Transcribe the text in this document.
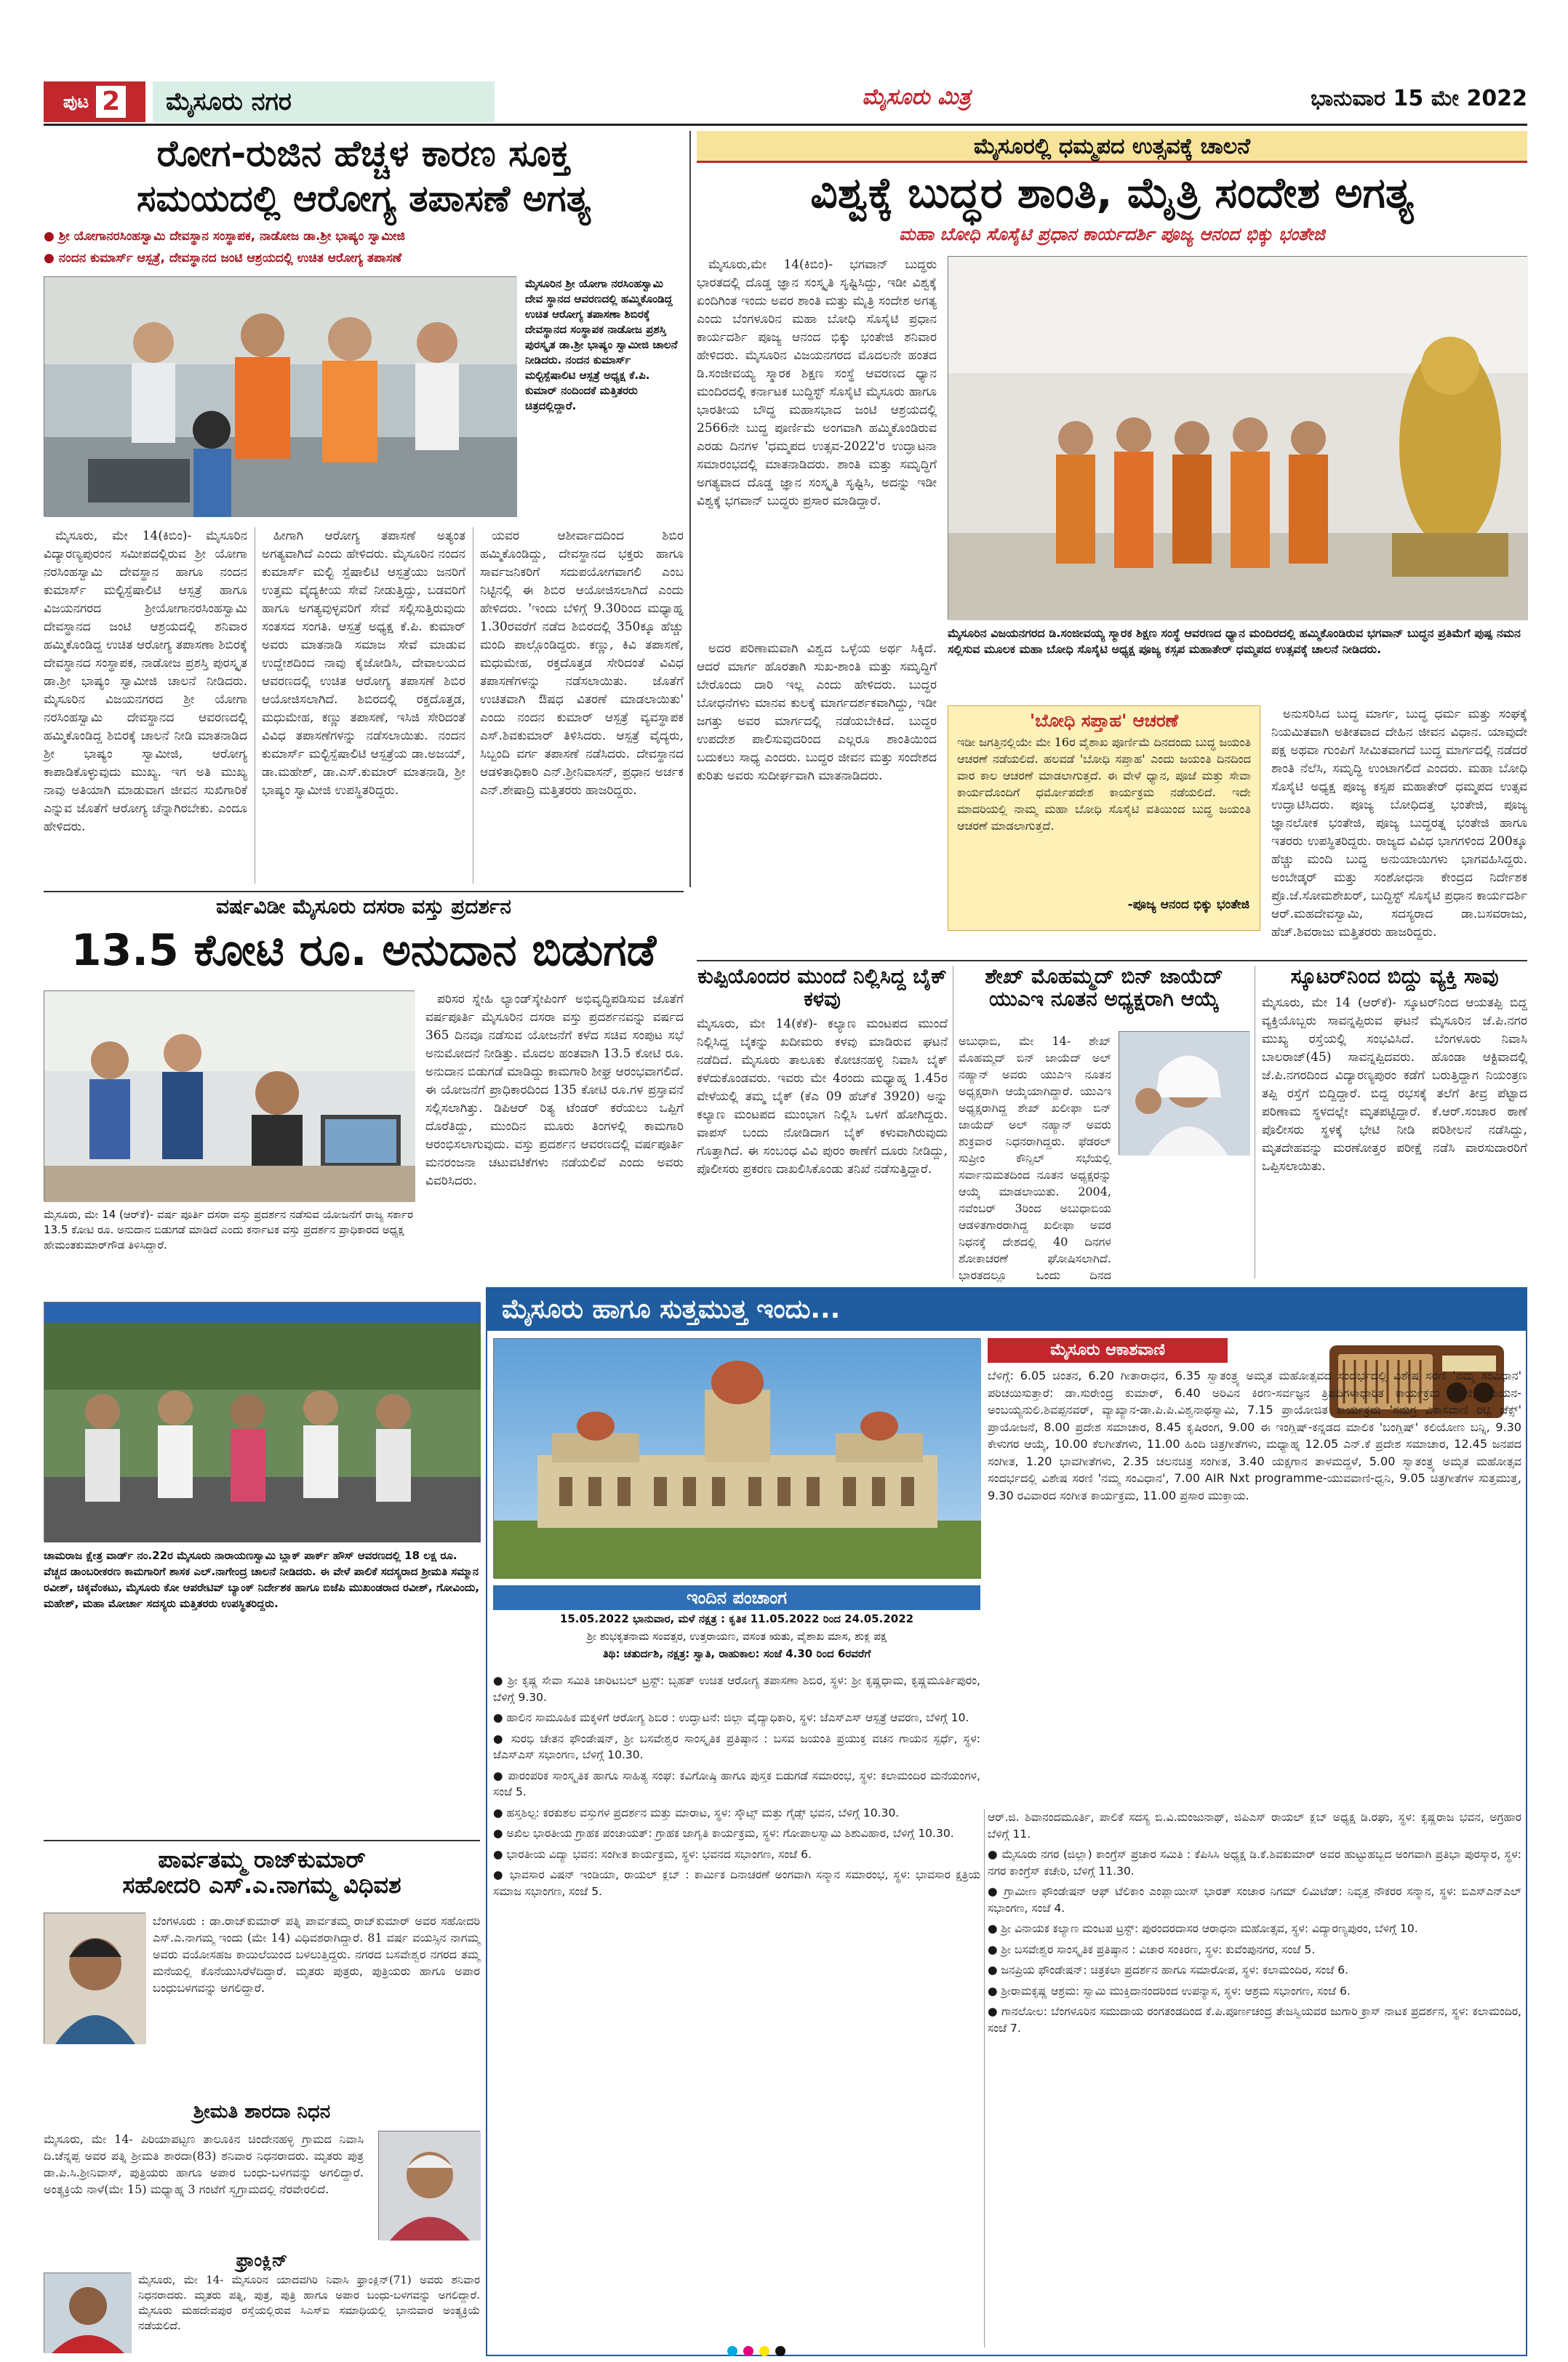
ಪುಟ 2	ಮೈಸೂರು ನಗರ	ಮೈಸೂರು ಮಿತ್ರ	ಭಾನುವಾರ 15 ಮೇ 2022
ರೋಗ-ರುಜಿನ ಹೆಚ್ಚಳ ಕಾರಣ ಸೂಕ್ತ
ಸಮಯದಲ್ಲಿ ಆರೋಗ್ಯ ತಪಾಸಣೆ ಅಗತ್ಯ
● ಶ್ರೀ ಯೋಗಾನರಸಿಂಹಸ್ವಾಮಿ ದೇವಸ್ಥಾನ ಸಂಸ್ಥಾಪಕ, ನಾಡೋಜ ಡಾ.ಶ್ರೀ ಭಾಷ್ಯಂ ಸ್ವಾಮೀಜಿ
● ನಂದನ ಕುಮಾರ್ಸ್ ಆಸ್ಪತ್ರೆ, ದೇವಸ್ಥಾನದ ಜಂಟಿ ಆಶ್ರಯದಲ್ಲಿ ಉಚಿತ ಆರೋಗ್ಯ ತಪಾಸಣೆ
ಮೈಸೂರಿನ ಶ್ರೀ ಯೋಗಾ ನರಸಿಂಹಸ್ವಾಮಿ ದೇವ ಸ್ಥಾನದ ಆವರಣದಲ್ಲಿ ಹಮ್ಮಿಕೊಂಡಿದ್ದ ಉಚಿತ ಆರೋಗ್ಯ ತಪಾಸಣಾ ಶಿಬಿರಕ್ಕೆ ದೇವಸ್ಥಾನದ ಸಂಸ್ಥಾಪಕ ನಾಡೋಜ ಪ್ರಶಸ್ತಿ ಪುರಸ್ಕೃತ ಡಾ.ಶ್ರೀ ಭಾಷ್ಯಂ ಸ್ವಾಮೀಜಿ ಚಾಲನೆ ನೀಡಿದರು. ನಂದನ ಕುಮಾರ್ಸ್ ಮಲ್ಟಿಸ್ಪೆಷಾಲಿಟಿ ಆಸ್ಪತ್ರೆ ಅಧ್ಯಕ್ಷ ಕೆ.ಪಿ. ಕುಮಾರ್ ನಂದಿಂದಕೆ ಮತ್ತಿತರರು ಚಿತ್ರದಲ್ಲಿದ್ದಾರೆ.

ಮೈಸೂರು, ಮೇ 14(ಕಿಬಿಂ)- ಮೈಸೂರಿನ ವಿದ್ಯಾರಣ್ಯಪುರಂನ ಸಮೀಪದಲ್ಲಿರುವ ಶ್ರೀ ಯೋಗಾ ನರಸಿಂಹಸ್ವಾಮಿ ದೇವಸ್ಥಾನ ಹಾಗೂ ನಂದನ ಕುಮಾರ್ಸ್ ಮಲ್ಟಿಸ್ಪೆಷಾಲಿಟಿ ಆಸ್ಪತ್ರೆ ಹಾಗೂ ವಿಜಯನಗರದ ಶ್ರೀಯೋಗಾನರಸಿಂಹಸ್ವಾಮಿ ದೇವಸ್ಥಾನದ ಜಂಟಿ ಆಶ್ರಯದಲ್ಲಿ ಶನಿವಾರ ಹಮ್ಮಿಕೊಂಡಿದ್ದ ಉಚಿತ ಆರೋಗ್ಯ ತಪಾಸಣಾ ಶಿಬಿರಕ್ಕೆ ದೇವಸ್ಥಾನದ ಸಂಸ್ಥಾಪಕ, ನಾಡೋಜ ಪ್ರಶಸ್ತಿ ಪುರಸ್ಕೃತ ಡಾ.ಶ್ರೀ ಭಾಷ್ಯಂ ಸ್ವಾಮೀಜಿ ಚಾಲನೆ ನೀಡಿದರು. ಮೈಸೂರಿನ ವಿಜಯನಗರದ ಶ್ರೀ ಯೋಗಾ ನರಸಿಂಹಸ್ವಾಮಿ ದೇವಸ್ಥಾನದ ಆವರಣದಲ್ಲಿ ಹಮ್ಮಿಕೊಂಡಿದ್ದ ಶಿಬಿರಕ್ಕೆ ಚಾಲನೆ ನೀಡಿ ಮಾತನಾಡಿದ ಶ್ರೀ ಭಾಷ್ಯಂ ಸ್ವಾಮೀಜಿ, ಆರೋಗ್ಯ ಕಾಪಾಡಿಕೊಳ್ಳುವುದು ಮುಖ್ಯ. ಇಗ ಅತಿ ಮುಖ್ಯ ನಾವು ಅತಿಯಾಗಿ ಮಾಡುವಾಗ ಜೀವನ ಸುಖಿಗಾರಿಕೆ ಎನ್ನುವ ಜೊತೆಗೆ ಆರೋಗ್ಯ ಚೆನ್ನಾಗಿರಬೇಕು. ಎಂದೂ ಹೇಳಿದರು.

ಹೀಗಾಗಿ ಆರೋಗ್ಯ ತಪಾಸಣೆ ಅತ್ಯಂತ ಅಗತ್ಯವಾಗಿದೆ ಎಂದು ಹೇಳಿದರು. ಮೈಸೂರಿನ ನಂದನ ಕುಮಾರ್ಸ್ ಮಲ್ಟಿ ಸ್ಪೆಷಾಲಿಟಿ ಆಸ್ಪತ್ರೆಯು ಜನರಿಗೆ ಉತ್ತಮ ವೈದ್ಯಕೀಯ ಸೇವೆ ನೀಡುತ್ತಿದ್ದು, ಬಡವರಿಗೆ ಹಾಗೂ ಅಗತ್ಯವುಳ್ಳವರಿಗೆ ಸೇವೆ ಸಲ್ಲಿಸುತ್ತಿರುವುದು ಸಂತಸದ ಸಂಗತಿ. ಆಸ್ಪತ್ರೆ ಅಧ್ಯಕ್ಷ ಕೆ.ಪಿ. ಕುಮಾರ್ ಅವರು ಮಾತನಾಡಿ ಸಮಾಜ ಸೇವೆ ಮಾಡುವ ಉದ್ದೇಶದಿಂದ ನಾವು ಕೈಜೋಡಿಸಿ, ದೇವಾಲಯದ ಆವರಣದಲ್ಲಿ ಉಚಿತ ಆರೋಗ್ಯ ತಪಾಸಣೆ ಶಿಬಿರ ಆಯೋಜಿಸಲಾಗಿದೆ. ಶಿಬಿರದಲ್ಲಿ ರಕ್ತದೊತ್ತಡ, ಮಧುಮೇಹ, ಕಣ್ಣು ತಪಾಸಣೆ, ಇಸಿಜಿ ಸೇರಿದಂತೆ ವಿವಿಧ ತಪಾಸಣೆಗಳನ್ನು ನಡೆಸಲಾಯಿತು. ನಂದನ ಕುಮಾರ್ಸ್ ಮಲ್ಟಿಸ್ಪೆಷಾಲಿಟಿ ಆಸ್ಪತ್ರೆಯ ಡಾ.ಅಜಯ್, ಡಾ.ಮಹೇಶ್, ಡಾ.ಎಸ್.ಕುಮಾರ್ ಮಾತನಾಡಿ, ಶ್ರೀ ಭಾಷ್ಯಂ ಸ್ವಾಮೀಜಿ ಉಪಸ್ಥಿತರಿದ್ದರು.

ಯವರ ಆಶೀರ್ವಾದದಿಂದ ಶಿಬಿರ ಹಮ್ಮಿಕೊಂಡಿದ್ದು, ದೇವಸ್ಥಾನದ ಭಕ್ತರು ಹಾಗೂ ಸಾರ್ವಜನಿಕರಿಗೆ ಸದುಪಯೋಗವಾಗಲಿ ಎಂಬ ನಿಟ್ಟಿನಲ್ಲಿ ಈ ಶಿಬಿರ ಆಯೋಜಿಸಲಾಗಿದೆ ಎಂದು ಹೇಳಿದರು. 'ಇಂದು ಬೆಳಿಗ್ಗೆ 9.30ರಿಂದ ಮಧ್ಯಾಹ್ನ 1.30ರವರೆಗೆ ನಡೆದ ಶಿಬಿರದಲ್ಲಿ 350ಕ್ಕೂ ಹೆಚ್ಚು ಮಂದಿ ಪಾಲ್ಗೊಂಡಿದ್ದರು. ಕಣ್ಣು, ಕಿವಿ ತಪಾಸಣೆ, ಮಧುಮೇಹ, ರಕ್ತದೊತ್ತಡ ಸೇರಿದಂತೆ ವಿವಿಧ ತಪಾಸಣೆಗಳನ್ನು ನಡೆಸಲಾಯಿತು. ಜೊತೆಗೆ ಉಚಿತವಾಗಿ ಔಷಧ ವಿತರಣೆ ಮಾಡಲಾಯಿತು' ಎಂದು ನಂದನ ಕುಮಾರ್ ಆಸ್ಪತ್ರೆ ವ್ಯವಸ್ಥಾಪಕ ಎಸ್.ಶಿವಕುಮಾರ್ ತಿಳಿಸಿದರು. ಆಸ್ಪತ್ರೆ ವೈದ್ಯರು, ಸಿಬ್ಬಂದಿ ವರ್ಗ ತಪಾಸಣೆ ನಡೆಸಿದರು. ದೇವಸ್ಥಾನದ ಆಡಳಿತಾಧಿಕಾರಿ ಎನ್.ಶ್ರೀನಿವಾಸನ್, ಪ್ರಧಾನ ಅರ್ಚಕ ಎನ್.ಶೇಷಾದ್ರಿ ಮತ್ತಿತರರು ಹಾಜರಿದ್ದರು.

ಮೈಸೂರಲ್ಲಿ ಧಮ್ಮಪದ ಉತ್ಸವಕ್ಕೆ ಚಾಲನೆ
ವಿಶ್ವಕ್ಕೆ ಬುದ್ಧರ ಶಾಂತಿ, ಮೈತ್ರಿ ಸಂದೇಶ ಅಗತ್ಯ
ಮಹಾ ಬೋಧಿ ಸೊಸೈಟಿ ಪ್ರಧಾನ ಕಾರ್ಯದರ್ಶಿ ಪೂಜ್ಯ ಆನಂದ ಭಿಕ್ಕು ಭಂತೇಜಿ

ಮೈಸೂರು,ಮೇ 14(ಕಿಬಿಂ)- ಭಗವಾನ್ ಬುದ್ಧರು ಭಾರತದಲ್ಲಿ ದೊಡ್ಡ ಜ್ಞಾನ ಸಂಸ್ಕೃತಿ ಸೃಷ್ಟಿಸಿದ್ದು, ಇಡೀ ವಿಶ್ವಕ್ಕೆ ಏಂದಿಗಿಂತ ಇಂದು ಅವರ ಶಾಂತಿ ಮತ್ತು ಮೈತ್ರಿ ಸಂದೇಶ ಅಗತ್ಯ ಎಂದು ಬೆಂಗಳೂರಿನ ಮಹಾ ಬೋಧಿ ಸೊಸೈಟಿ ಪ್ರಧಾನ ಕಾರ್ಯದರ್ಶಿ ಪೂಜ್ಯ ಆನಂದ ಭಿಕ್ಕು ಭಂತೇಜಿ ಶನಿವಾರ ಹೇಳಿದರು. ಮೈಸೂರಿನ ವಿಜಯನಗರದ ಮೊದಲನೇ ಹಂತದ ಡಿ.ಸಂಜೀವಯ್ಯ ಸ್ಮಾರಕ ಶಿಕ್ಷಣ ಸಂಸ್ಥೆ ಆವರಣದ ಧ್ಯಾನ ಮಂದಿರದಲ್ಲಿ ಕರ್ನಾಟಕ ಬುದ್ಧಿಸ್ಟ್ ಸೊಸೈಟಿ ಮೈಸೂರು ಹಾಗೂ ಭಾರತೀಯ ಬೌದ್ಧ ಮಹಾಸಭಾದ ಜಂಟಿ ಆಶ್ರಯದಲ್ಲಿ 2566ನೇ ಬುದ್ಧ ಪೂರ್ಣಿಮೆ ಅಂಗವಾಗಿ ಹಮ್ಮಿಕೊಂಡಿರುವ ಎರಡು ದಿನಗಳ 'ಧಮ್ಮಪದ ಉತ್ಸವ-2022'ರ ಉದ್ಘಾಟನಾ ಸಮಾರಂಭದಲ್ಲಿ ಮಾತನಾಡಿದರು. ಶಾಂತಿ ಮತ್ತು ಸಮೃದ್ಧಿಗೆ ಅಗತ್ಯವಾದ ದೊಡ್ಡ ಜ್ಞಾನ ಸಂಸ್ಕೃತಿ ಸೃಷ್ಟಿಸಿ, ಅದನ್ನು ಇಡೀ ವಿಶ್ವಕ್ಕೆ ಭಗವಾನ್ ಬುದ್ಧರು ಪ್ರಸಾರ ಮಾಡಿದ್ದಾರೆ.

ಮೈಸೂರಿನ ವಿಜಯನಗರದ ಡಿ.ಸಂಜೀವಯ್ಯ ಸ್ಮಾರಕ ಶಿಕ್ಷಣ ಸಂಸ್ಥೆ ಆವರಣದ ಧ್ಯಾನ ಮಂದಿರದಲ್ಲಿ ಹಮ್ಮಿಕೊಂಡಿರುವ ಭಗವಾನ್ ಬುದ್ಧನ ಪ್ರತಿಮೆಗೆ ಪುಷ್ಪ ನಮನ ಸಲ್ಲಿಸುವ ಮೂಲಕ ಮಹಾ ಬೋಧಿ ಸೊಸೈಟಿ ಅಧ್ಯಕ್ಷ ಪೂಜ್ಯ ಕಸ್ಸಪ ಮಹಾತೇರ್ ಧಮ್ಮಪದ ಉತ್ಸವಕ್ಕೆ ಚಾಲನೆ ನೀಡಿದರು.
'ಬೋಧಿ ಸಪ್ತಾಹ' ಆಚರಣೆ
ಇಡೀ ಜಗತ್ತಿನಲ್ಲಿಯೇ ಮೇ 16ರ ವೈಶಾಖ ಪೂರ್ಣಿಮೆ ದಿನದಂದು ಬುದ್ಧ ಜಯಂತಿ ಆಚರಣೆ ನಡೆಯಲಿದೆ. ಹಲವಡೆ 'ಬೋಧಿ ಸಪ್ತಾಹ' ಎಂದು ಜಯಂತಿ ದಿನದಿಂದ ವಾರ ಕಾಲ ಆಚರಣೆ ಮಾಡಲಾಗುತ್ತದೆ. ಈ ವೇಳೆ ಧ್ಯಾನ, ಪೂಜೆ ಮತ್ತು ಸೇವಾ ಕಾರ್ಯದೊಂದಿಗೆ ಧರ್ಮೋಪದೇಶ ಕಾರ್ಯಕ್ರಮ ನಡೆಯಲಿದೆ. ಇದೇ ಮಾದರಿಯಲ್ಲಿ ನಾಮ್ಮ ಮಹಾ ಬೋಧಿ ಸೊಸೈಟಿ ವತಿಯಿಂದ ಬುದ್ಧ ಜಯಂತಿ ಆಚರಣೆ ಮಾಡಲಾಗುತ್ತದೆ.
-ಪೂಜ್ಯ ಆನಂದ ಭಿಕ್ಕು ಭಂತೇಜಿ

ಅದರ ಪರಿಣಾಮವಾಗಿ ವಿಶ್ವದ ಒಳ್ಳೆಯ ಅರ್ಥ ಸಿಕ್ಕಿದೆ. ಆದರೆ ಮಾರ್ಗ ಹೊರತಾಗಿ ಸುಖ-ಶಾಂತಿ ಮತ್ತು ಸಮೃದ್ಧಿಗೆ ಬೇರೊಂದು ದಾರಿ ಇಲ್ಲ ಎಂದು ಹೇಳಿದರು. ಬುದ್ಧರ ಬೋಧನೆಗಳು ಮಾನವ ಕುಲಕ್ಕೆ ಮಾರ್ಗದರ್ಶಕವಾಗಿದ್ದು, ಇಡೀ ಜಗತ್ತು ಅವರ ಮಾರ್ಗದಲ್ಲಿ ನಡೆಯಬೇಕಿದೆ. ಬುದ್ಧರ ಉಪದೇಶ ಪಾಲಿಸುವುದರಿಂದ ಎಲ್ಲರೂ ಶಾಂತಿಯಿಂದ ಬದುಕಲು ಸಾಧ್ಯ ಎಂದರು. ಬುದ್ಧರ ಜೀವನ ಮತ್ತು ಸಂದೇಶದ ಕುರಿತು ಅವರು ಸುದೀರ್ಘವಾಗಿ ಮಾತನಾಡಿದರು.

ಅನುಸರಿಸಿದ ಬುದ್ಧ ಮಾರ್ಗ, ಬುದ್ಧ ಧರ್ಮ ಮತ್ತು ಸಂಘಕ್ಕೆ ನಿಯಮಿತವಾಗಿ ಅತೀತವಾದ ದೇಹಿನ ಜೀವನ ವಿಧಾನ. ಯಾವುದೇ ಪಕ್ಷ ಅಥವಾ ಗುಂಪಿಗೆ ಸೀಮಿತವಾಗದೆ ಬುದ್ಧ ಮಾರ್ಗದಲ್ಲಿ ನಡೆದರೆ ಶಾಂತಿ ನೆಲೆಸಿ, ಸಮೃದ್ಧಿ ಉಂಟಾಗಲಿದೆ ಎಂದರು. ಮಹಾ ಬೋಧಿ ಸೊಸೈಟಿ ಅಧ್ಯಕ್ಷ ಪೂಜ್ಯ ಕಸ್ಸಪ ಮಹಾತೇರ್ ಧಮ್ಮಪದ ಉತ್ಸವ ಉದ್ಘಾಟಿಸಿದರು. ಪೂಜ್ಯ ಬೋಧಿದತ್ತ ಭಂತೇಜಿ, ಪೂಜ್ಯ ಜ್ಞಾನಲೋಕ ಭಂತೇಜಿ, ಪೂಜ್ಯ ಬುದ್ಧರತ್ನ ಭಂತೇಜಿ ಹಾಗೂ ಇತರರು ಉಪಸ್ಥಿತರಿದ್ದರು. ರಾಜ್ಯದ ವಿವಿಧ ಭಾಗಗಳಿಂದ 200ಕ್ಕೂ ಹೆಚ್ಚು ಮಂದಿ ಬುದ್ಧ ಅನುಯಾಯಿಗಳು ಭಾಗವಹಿಸಿದ್ದರು. ಅಂಬೇಡ್ಕರ್ ಮತ್ತು ಸಂಶೋಧನಾ ಕೇಂದ್ರದ ನಿರ್ದೇಶಕ ಪ್ರೊ.ಜೆ.ಸೋಮಶೇಖರ್, ಬುದ್ಧಿಸ್ಟ್ ಸೊಸೈಟಿ ಪ್ರಧಾನ ಕಾರ್ಯದರ್ಶಿ ಆರ್.ಮಹದೇವಸ್ವಾಮಿ, ಸದಸ್ಯರಾದ ಡಾ.ಬಸವರಾಜು, ಹೆಚ್.ಶಿವರಾಜು ಮತ್ತಿತರರು ಹಾಜರಿದ್ದರು.

ವರ್ಷವಿಡೀ ಮೈಸೂರು ದಸರಾ ವಸ್ತು ಪ್ರದರ್ಶನ
13.5 ಕೋಟಿ ರೂ. ಅನುದಾನ ಬಿಡುಗಡೆ
ಮೈಸೂರು, ಮೇ 14 (ಆರ್‌ಕೆ)- ವರ್ಷ ಪೂರ್ತಿ ದಸರಾ ವಸ್ತು ಪ್ರದರ್ಶನ ನಡೆಸುವ ಯೋಜನೆಗೆ ರಾಜ್ಯ ಸರ್ಕಾರ 13.5 ಕೋಟಿ ರೂ. ಅನುದಾನ ಬಿಡುಗಡೆ ಮಾಡಿದೆ ಎಂದು ಕರ್ನಾಟಕ ವಸ್ತು ಪ್ರದರ್ಶನ ಪ್ರಾಧಿಕಾರದ ಅಧ್ಯಕ್ಷ ಹೇಮಂತಕುಮಾರ್‌ಗೌಡ ತಿಳಿಸಿದ್ದಾರೆ.

ಪರಿಸರ ಸ್ನೇಹಿ ಲ್ಯಾಂಡ್‌ಸ್ಕೇಪಿಂಗ್ ಅಭಿವೃದ್ಧಿಪಡಿಸುವ ಜೊತೆಗೆ ವರ್ಷಪೂರ್ತಿ ಮೈಸೂರಿನ ದಸರಾ ವಸ್ತು ಪ್ರದರ್ಶನವನ್ನು ವರ್ಷದ 365 ದಿನವೂ ನಡೆಸುವ ಯೋಜನೆಗೆ ಕಳೆದ ಸಚಿವ ಸಂಪುಟ ಸಭೆ ಅನುಮೋದನೆ ನೀಡಿತ್ತು. ಮೊದಲ ಹಂತವಾಗಿ 13.5 ಕೋಟಿ ರೂ. ಅನುದಾನ ಬಿಡುಗಡೆ ಮಾಡಿದ್ದು ಕಾಮಗಾರಿ ಶೀಘ್ರ ಆರಂಭವಾಗಲಿದೆ. ಈ ಯೋಜನೆಗೆ ಪ್ರಾಧಿಕಾರದಿಂದ 135 ಕೋಟಿ ರೂ.ಗಳ ಪ್ರಸ್ತಾವನೆ ಸಲ್ಲಿಸಲಾಗಿತ್ತು. ಡಿಪಿಆರ್ ರಿತ್ಯ ಟೆಂಡರ್ ಕರೆಯಲು ಒಪ್ಪಿಗೆ ದೊರೆತಿದ್ದು, ಮುಂದಿನ ಮೂರು ತಿಂಗಳಲ್ಲಿ ಕಾಮಗಾರಿ ಆರಂಭಿಸಲಾಗುವುದು. ವಸ್ತು ಪ್ರದರ್ಶನ ಆವರಣದಲ್ಲಿ ವರ್ಷಪೂರ್ತಿ ಮನರಂಜನಾ ಚಟುವಟಿಕೆಗಳು ನಡೆಯಲಿವೆ ಎಂದು ಅವರು ವಿವರಿಸಿದರು.

ಕುಪ್ಪಿಯೊಂದರ ಮುಂದೆ ನಿಲ್ಲಿಸಿದ್ದ ಬೈಕ್ ಕಳವು
ಮೈಸೂರು, ಮೇ 14(ಕೆಕೆ)- ಕಲ್ಯಾಣ ಮಂಟಪದ ಮುಂದೆ ನಿಲ್ಲಿಸಿದ್ದ ಬೈಕನ್ನು ಖದೀಮರು ಕಳವು ಮಾಡಿರುವ ಘಟನೆ ನಡೆದಿದೆ. ಮೈಸೂರು ತಾಲೂಕು ಕೋಚನಹಳ್ಳಿ ನಿವಾಸಿ ಬೈಕ್ ಕಳೆದುಕೊಂಡವರು. ಇವರು ಮೇ 4ರಂದು ಮಧ್ಯಾಹ್ನ 1.45ರ ವೇಳೆಯಲ್ಲಿ ತಮ್ಮ ಬೈಕ್ (ಕೆಎ 09 ಹೆಚ್‌ಕೆ 3920) ಅನ್ನು ಕಲ್ಯಾಣ ಮಂಟಪದ ಮುಂಭಾಗ ನಿಲ್ಲಿಸಿ ಒಳಗೆ ಹೋಗಿದ್ದರು. ವಾಪಸ್ ಬಂದು ನೋಡಿದಾಗ ಬೈಕ್ ಕಳುವಾಗಿರುವುದು ಗೊತ್ತಾಗಿದೆ. ಈ ಸಂಬಂಧ ವಿವಿ ಪುರಂ ಠಾಣೆಗೆ ದೂರು ನೀಡಿದ್ದು, ಪೊಲೀಸರು ಪ್ರಕರಣ ದಾಖಲಿಸಿಕೊಂಡು ತನಿಖೆ ನಡೆಸುತ್ತಿದ್ದಾರೆ.
ಶೇಖ್ ಮೊಹಮ್ಮದ್ ಬಿನ್ ಜಾಯೆದ್ ಯುಎಇ ನೂತನ ಅಧ್ಯಕ್ಷರಾಗಿ ಆಯ್ಕೆ
ಅಬುಧಾಬಿ, ಮೇ 14- ಶೇಖ್ ಮೊಹಮ್ಮದ್ ಬಿನ್ ಜಾಯೆದ್ ಅಲ್ ನಹ್ಯಾನ್ ಅವರು ಯುಎಇ ನೂತನ ಅಧ್ಯಕ್ಷರಾಗಿ ಆಯ್ಕೆಯಾಗಿದ್ದಾರೆ. ಯುಎಇ ಅಧ್ಯಕ್ಷರಾಗಿದ್ದ ಶೇಖ್ ಖಲೀಫಾ ಬಿನ್ ಜಾಯೆದ್ ಅಲ್ ನಹ್ಯಾನ್ ಅವರು ಶುಕ್ರವಾರ ನಿಧನರಾಗಿದ್ದರು. ಫೆಡರಲ್ ಸುಪ್ರೀಂ ಕೌನ್ಸಿಲ್ ಸಭೆಯಲ್ಲಿ ಸರ್ವಾನುಮತದಿಂದ ನೂತನ ಅಧ್ಯಕ್ಷರನ್ನು ಆಯ್ಕೆ ಮಾಡಲಾಯಿತು. 2004, ನವೆಂಬರ್ 3ರಿಂದ ಅಬುಧಾಬಿಯ ಆಡಳಿತಗಾರರಾಗಿದ್ದ ಖಲೀಫಾ ಅವರ ನಿಧನಕ್ಕೆ ದೇಶದಲ್ಲಿ 40 ದಿನಗಳ ಶೋಕಾಚರಣೆ ಘೋಷಿಸಲಾಗಿದೆ. ಭಾರತದಲ್ಲೂ ಒಂದು ದಿನದ
ಸ್ಕೂಟರ್‌ನಿಂದ ಬಿದ್ದು ವ್ಯಕ್ತಿ ಸಾವು
ಮೈಸೂರು, ಮೇ 14 (ಆರ್‌ಕೆ)- ಸ್ಕೂಟರ್‌ನಿಂದ ಆಯತಪ್ಪಿ ಬಿದ್ದ ವ್ಯಕ್ತಿಯೊಬ್ಬರು ಸಾವನ್ನಪ್ಪಿರುವ ಘಟನೆ ಮೈಸೂರಿನ ಜೆ.ಪಿ.ನಗರ ಮುಖ್ಯ ರಸ್ತೆಯಲ್ಲಿ ಸಂಭವಿಸಿದೆ. ಬೆಂಗಳೂರು ನಿವಾಸಿ ಬಾಲರಾಜ್(45) ಸಾವನ್ನಪ್ಪಿದವರು. ಹೊಂಡಾ ಆಕ್ಟಿವಾದಲ್ಲಿ ಜೆ.ಪಿ.ನಗರದಿಂದ ವಿದ್ಯಾರಣ್ಯಪುರಂ ಕಡೆಗೆ ಬರುತ್ತಿದ್ದಾಗ ನಿಯಂತ್ರಣ ತಪ್ಪಿ ರಸ್ತೆಗೆ ಬಿದ್ದಿದ್ದಾರೆ. ಬಿದ್ದ ರಭಸಕ್ಕೆ ತಲೆಗೆ ತೀವ್ರ ಪೆಟ್ಟಾದ ಪರಿಣಾಮ ಸ್ಥಳದಲ್ಲೇ ಮೃತಪಟ್ಟಿದ್ದಾರೆ. ಕೆ.ಆರ್.ಸಂಚಾರ ಠಾಣೆ ಪೊಲೀಸರು ಸ್ಥಳಕ್ಕೆ ಭೇಟಿ ನೀಡಿ ಪರಿಶೀಲನೆ ನಡೆಸಿದ್ದು, ಮೃತದೇಹವನ್ನು ಮರಣೋತ್ತರ ಪರೀಕ್ಷೆ ನಡೆಸಿ ವಾರಸುದಾರರಿಗೆ ಒಪ್ಪಿಸಲಾಯಿತು.
ಚಾಮರಾಜ ಕ್ಷೇತ್ರ ವಾರ್ಡ್ ನಂ.22ರ ಮೈಸೂರು ನಾರಾಯಣಸ್ವಾಮಿ ಬ್ಲಾಕ್ ಪಾರ್ಕ್ ಹೌಸ್ ಆವರಣದಲ್ಲಿ 18 ಲಕ್ಷ ರೂ. ವೆಚ್ಚದ ಡಾಂಬರೀಕರಣ ಕಾಮಗಾರಿಗೆ ಶಾಸಕ ಎಲ್.ನಾಗೇಂದ್ರ ಚಾಲನೆ ನೀಡಿದರು. ಈ ವೇಳೆ ಪಾಲಿಕೆ ಸದಸ್ಯರಾದ ಶ್ರೀಮತಿ ಸಮ್ಮಾನ ರವೀಶ್, ಚಿಕ್ಕವೆಂಕಟು, ಮೈಸೂರು ಕೋ ಆಪರೇಟಿವ್ ಬ್ಯಾಂಕ್ ನಿರ್ದೇಶಕ ಹಾಗೂ ಬಿಜೆಪಿ ಮುಖಂಡರಾದ ರವೀಶ್, ಗೋವಿಂದು, ಮಹೇಶ್, ಮಹಾ ಮೋರ್ಚಾ ಸದಸ್ಯರು ಮತ್ತಿತರರು ಉಪಸ್ಥಿತರಿದ್ದರು.
ಪಾರ್ವತಮ್ಮ ರಾಜ್‌ಕುಮಾರ್
ಸಹೋದರಿ ಎಸ್.ಎ.ನಾಗಮ್ಮ ವಿಧಿವಶ
ಬೆಂಗಳೂರು : ಡಾ.ರಾಜ್‌ಕುಮಾರ್ ಪತ್ನಿ ಪಾರ್ವತಮ್ಮ ರಾಜ್‌ಕುಮಾರ್ ಅವರ ಸಹೋದರಿ ಎಸ್.ಎ.ನಾಗಮ್ಮ ಇಂದು (ಮೇ 14) ವಿಧಿವಶರಾಗಿದ್ದಾರೆ. 81 ವರ್ಷ ವಯಸ್ಸಿನ ನಾಗಮ್ಮ ಅವರು ವಯೋಸಹಜ ಕಾಯಿಲೆಯಿಂದ ಬಳಲುತ್ತಿದ್ದರು. ನಗರದ ಬಸವೇಶ್ವರ ನಗರದ ತಮ್ಮ ಮನೆಯಲ್ಲಿ ಕೊನೆಯುಸಿರೆಳೆದಿದ್ದಾರೆ. ಮೃತರು ಪುತ್ರರು, ಪುತ್ರಿಯರು ಹಾಗೂ ಅಪಾರ ಬಂಧುಬಳಗವನ್ನು ಅಗಲಿದ್ದಾರೆ.
ಶ್ರೀಮತಿ ಶಾರದಾ ನಿಧನ
ಮೈಸೂರು, ಮೇ 14- ಪಿರಿಯಾಪಟ್ಟಣ ತಾಲೂಕಿನ ಚಿಂದೇನಹಳ್ಳಿ ಗ್ರಾಮದ ನಿವಾಸಿ ದಿ.ಚೆನ್ನಪ್ಪ ಅವರ ಪತ್ನಿ ಶ್ರೀಮತಿ ಶಾರದಾ(83) ಶನಿವಾರ ನಿಧನರಾದರು. ಮೃತರು ಪುತ್ರ ಡಾ.ಪಿ.ಸಿ.ಶ್ರೀನಿವಾಸ್, ಪುತ್ರಿಯರು ಹಾಗೂ ಅಪಾರ ಬಂಧು-ಬಳಗವನ್ನು ಅಗಲಿದ್ದಾರೆ. ಅಂತ್ಯಕ್ರಿಯೆ ನಾಳೆ(ಮೇ 15) ಮಧ್ಯಾಹ್ನ 3 ಗಂಟೆಗೆ ಸ್ವಗ್ರಾಮದಲ್ಲಿ ನೆರವೇರಲಿದೆ.
ಫ್ರಾಂಕ್ಲಿನ್
ಮೈಸೂರು, ಮೇ 14- ಮೈಸೂರಿನ ಯಾದವಗಿರಿ ನಿವಾಸಿ ಫ್ರಾಂಕ್ಲಿನ್(71) ಅವರು ಶನಿವಾರ ನಿಧನರಾದರು. ಮೃತರು ಪತ್ನಿ, ಪುತ್ರ, ಪುತ್ರಿ ಹಾಗೂ ಅಪಾರ ಬಂಧು-ಬಳಗವನ್ನು ಅಗಲಿದ್ದಾರೆ. ಮೈಸೂರು ಮಹದೇವಪುರ ರಸ್ತೆಯಲ್ಲಿರುವ ಸಿಎಸ್ಐ ಸಮಾಧಿಯಲ್ಲಿ ಭಾನುವಾರ ಅಂತ್ಯಕ್ರಿಯೆ ನಡೆಯಲಿದೆ.
ಮೈಸೂರು ಹಾಗೂ ಸುತ್ತಮುತ್ತ ಇಂದು...
ಇಂದಿನ ಪಂಚಾಂಗ
15.05.2022 ಭಾನುವಾರ, ಮಳೆ ನಕ್ಷತ್ರ : ಕೃತಿಕ 11.05.2022 ರಿಂದ 24.05.2022
ಶ್ರೀ ಶುಭಕೃತನಾಮ ಸಂವತ್ಸರ, ಉತ್ತರಾಯಣ, ವಸಂತ ಋತು, ವೈಶಾಖ ಮಾಸ, ಶುಕ್ಲ ಪಕ್ಷ
ತಿಥಿ: ಚತುರ್ದಶಿ, ನಕ್ಷತ್ರ: ಸ್ವಾತಿ, ರಾಹುಕಾಲ: ಸಂಜೆ 4.30 ರಿಂದ 6ರವರೆಗೆ
ಮೈಸೂರು ಆಕಾಶವಾಣಿ
ಬೆಳಿಗ್ಗೆ: 6.05 ಚಿಂತನ, 6.20 ಗೀತಾರಾಧನ, 6.35 ಸ್ವಾತಂತ್ರ್ಯ ಅಮೃತ ಮಹೋತ್ಸವದ ಸಂದರ್ಭದಲ್ಲಿ ವಿಶೇಷ ಸರಣಿ 'ನಮ್ಮ ಸಂವಿಧಾನ' ಪರಿಚಯಿಸುತ್ತಾರೆ: ಡಾ.ಸುರೇಂದ್ರ ಕುಮಾರ್, 6.40 ಅರಿವಿನ ಕಿರಣ-ಸರ್ವಜ್ಞನ ತ್ರಿಪದಿಗಳಾಧಾರಿತ ಕಾರ್ಯಕ್ರಮ ಸರಣಿ, ಗಾಯನ-ಅಂಬಯ್ಯನುಲಿ.ಶಿವಪ್ಪನವರ್, ವ್ಯಾಖ್ಯಾನ-ಡಾ.ಪಿ.ಪಿ.ವಿಶ್ವನಾಥಸ್ವಾಮಿ, 7.15 ಪ್ರಾಯೋಜಿತ ಕಾರ್ಯಕ್ರಮ 'ಸಮಗ್ರ ವಿಕಾಸವಾಣಿ ರಿಟ್ಟಿ ಚೆಕ್ಸ್' ಪ್ರಾಯೋಜನೆ, 8.00 ಪ್ರದೇಶ ಸಮಾಚಾರ, 8.45 ಕೃಷಿರಂಗ, 9.00 ಈ ಇಂಗ್ಲಿಷ್-ಕನ್ನಡದ ಮಾಲಿಕ 'ಬಂಗ್ಲಿಷ್' ಕಲಿಯೋಣ ಬನ್ನಿ, 9.30 ಕೇಳುಗರ ಆಯ್ಕೆ, 10.00 ಕೆಲಗೀತೆಗಳು, 11.00 ಹಿಂದಿ ಚಿತ್ರಗೀತೆಗಳು, ಮಧ್ಯಾಹ್ನ 12.05 ಎನ್.ಕೆ ಪ್ರದೇಶ ಸಮಾಚಾರ, 12.45 ಜನಪದ ಸಂಗೀತ, 1.20 ಭಾವಗೀತೆಗಳು, 2.35 ಚಲನಚಿತ್ರ ಸಂಗೀತ, 3.40 ಯಕ್ಷಗಾನ ತಾಳಮದ್ದಳೆ, 5.00 ಸ್ವಾತಂತ್ರ್ಯ ಅಮೃತ ಮಹೋತ್ಸವ ಸಂದರ್ಭದಲ್ಲಿ ವಿಶೇಷ ಸರಣಿ 'ನಮ್ಮ ಸಂವಿಧಾನ', 7.00 AIR Nxt programme-ಯುವವಾಣಿ-ಧ್ವನಿ, 9.05 ಚಿತ್ರಗೀತೆಗಳ ಸುತ್ತಮುತ್ತ, 9.30 ರವಿವಾರದ ಸಂಗೀತ ಕಾರ್ಯಕ್ರಮ, 11.00 ಪ್ರಸಾರ ಮುಕ್ತಾಯ.

● ಶ್ರೀ ಕೃಷ್ಣ ಸೇವಾ ಸಮಿತಿ ಚಾರಿಟಬಲ್ ಟ್ರಸ್ಟ್: ಬೃಹತ್ ಉಚಿತ ಆರೋಗ್ಯ ತಪಾಸಣಾ ಶಿಬಿರ, ಸ್ಥಳ: ಶ್ರೀ ಕೃಷ್ಣಧಾಮ, ಕೃಷ್ಣಮೂರ್ತಿಪುರಂ, ಬೆಳಿಗ್ಗೆ 9.30.

● ಹಾಲಿನ ಸಾಮೂಹಿಕ ಮಕ್ಕಳಿಗೆ ಆರೋಗ್ಯ ಶಿಬಿರ : ಉದ್ಘಾಟನೆ: ಜಿಲ್ಲಾ ವೈದ್ಯಾಧಿಕಾರಿ, ಸ್ಥಳ: ಜೆಎಸ್‌ಎಸ್ ಆಸ್ಪತ್ರೆ ಆವರಣ, ಬೆಳಿಗ್ಗೆ 10.

● ಸುರಭಿ ಚೇತನ ಫೌಂಡೇಷನ್, ಶ್ರೀ ಬಸವೇಶ್ವರ ಸಾಂಸ್ಕೃತಿಕ ಪ್ರತಿಷ್ಠಾನ : ಬಸವ ಜಯಂತಿ ಪ್ರಯುಕ್ತ ವಚನ ಗಾಯನ ಸ್ಪರ್ಧೆ, ಸ್ಥಳ: ಜೆಎಸ್‌ಎಸ್ ಸಭಾಂಗಣ, ಬೆಳಿಗ್ಗೆ 10.30.

● ಪಾರಂಪರಿಕ ಸಾಂಸ್ಕೃತಿಕ ಹಾಗೂ ಸಾಹಿತ್ಯ ಸಂಘ: ಕವಿಗೋಷ್ಠಿ ಹಾಗೂ ಪುಸ್ತಕ ಬಿಡುಗಡೆ ಸಮಾರಂಭ, ಸ್ಥಳ: ಕಲಾಮಂದಿರ ಮನೆಯಂಗಳ, ಸಂಜೆ 5.

● ಹಸ್ತಶಿಲ್ಪ: ಕರಕುಶಲ ವಸ್ತುಗಳ ಪ್ರದರ್ಶನ ಮತ್ತು ಮಾರಾಟ, ಸ್ಥಳ: ಸ್ಕೌಟ್ಸ್ ಮತ್ತು ಗೈಡ್ಸ್ ಭವನ, ಬೆಳಿಗ್ಗೆ 10.30.

● ಅಖಿಲ ಭಾರತೀಯ ಗ್ರಾಹಕ ಪಂಚಾಯತ್: ಗ್ರಾಹಕ ಜಾಗೃತಿ ಕಾರ್ಯಕ್ರಮ, ಸ್ಥಳ: ಗೋಪಾಲಸ್ವಾಮಿ ಶಿಶುವಿಹಾರ, ಬೆಳಿಗ್ಗೆ 10.30.

● ಭಾರತೀಯ ವಿದ್ಯಾ ಭವನ: ಸಂಗೀತ ಕಾರ್ಯಕ್ರಮ, ಸ್ಥಳ: ಭವನದ ಸಭಾಂಗಣ, ಸಂಜೆ 6.

● ಭಾವಸಾರ ವಿಷನ್ ಇಂಡಿಯಾ, ರಾಯಲ್ ಕ್ಲಬ್ : ಕಾರ್ಮಿಕ ದಿನಾಚರಣೆ ಅಂಗವಾಗಿ ಸನ್ಮಾನ ಸಮಾರಂಭ, ಸ್ಥಳ: ಭಾವಸಾರ ಕ್ಷತ್ರಿಯ ಸಮಾಜ ಸಭಾಂಗಣ, ಸಂಜೆ 5.

ಆರ್.ಜಿ. ಶಿವಾನಂದಮೂರ್ತಿ, ಪಾಲಿಕೆ ಸದಸ್ಯ ಬಿ.ವಿ.ಮಂಜುನಾಥ್, ಜಿಪಿಎಸ್ ರಾಯಲ್ ಕ್ಲಬ್ ಅಧ್ಯಕ್ಷ ಡಿ.ರಘು, ಸ್ಥಳ: ಕೃಷ್ಣರಾಜ ಭವನ, ಅಗ್ರಹಾರ ಬೆಳಿಗ್ಗೆ 11.

● ಮೈಸೂರು ನಗರ (ಜಿಲ್ಲಾ) ಕಾಂಗ್ರೆಸ್ ಪ್ರಚಾರ ಸಮಿತಿ : ಕೆಪಿಸಿಸಿ ಅಧ್ಯಕ್ಷ ಡಿ.ಕೆ.ಶಿವಕುಮಾರ್ ಅವರ ಹುಟ್ಟುಹಬ್ಬದ ಅಂಗವಾಗಿ ಪ್ರತಿಭಾ ಪುರಸ್ಕಾರ, ಸ್ಥಳ: ನಗರ ಕಾಂಗ್ರೆಸ್ ಕಚೇರಿ, ಬೆಳಿಗ್ಗೆ 11.30.

● ಗ್ರಾಮೀಣ ಫೌಂಡೇಷನ್ ಆಫ್ ಟೆಲಿಕಾಂ ಎಂಪ್ಲಾಯೀಸ್ ಭಾರತ್ ಸಂಚಾರ ನಿಗಮ್ ಲಿಮಿಟೆಡ್: ನಿವೃತ್ತ ನೌಕರರ ಸನ್ಮಾನ, ಸ್ಥಳ: ಬಿಎಸ್‌ಎನ್‌ಎಲ್ ಸಭಾಂಗಣ, ಸಂಜೆ 4.

● ಶ್ರೀ ವಿನಾಯಕ ಕಲ್ಯಾಣ ಮಂಟಪ ಟ್ರಸ್ಟ್: ಪುರಂದರದಾಸರ ಆರಾಧನಾ ಮಹೋತ್ಸವ, ಸ್ಥಳ: ವಿದ್ಯಾರಣ್ಯಪುರಂ, ಬೆಳಿಗ್ಗೆ 10.

● ಶ್ರೀ ಬಸವೇಶ್ವರ ಸಾಂಸ್ಕೃತಿಕ ಪ್ರತಿಷ್ಠಾನ : ವಿಚಾರ ಸಂಕಿರಣ, ಸ್ಥಳ: ಕುವೆಂಪುನಗರ, ಸಂಜೆ 5.

● ಜನಪ್ರಿಯ ಫೌಂಡೇಷನ್: ಚಿತ್ರಕಲಾ ಪ್ರದರ್ಶನ ಹಾಗೂ ಸಮಾರೋಪ, ಸ್ಥಳ: ಕಲಾಮಂದಿರ, ಸಂಜೆ 6.

● ಶ್ರೀರಾಮಕೃಷ್ಣ ಆಶ್ರಮ: ಸ್ವಾಮಿ ಮುಕ್ತಿದಾನಂದರಿಂದ ಉಪನ್ಯಾಸ, ಸ್ಥಳ: ಆಶ್ರಮ ಸಭಾಂಗಣ, ಸಂಜೆ 6.

● ಗಾನಲೋಲ: ಬೆಂಗಳೂರಿನ ಸಮುದಾಯ ರಂಗತಂಡದಿಂದ ಕೆ.ಪಿ.ಪೂರ್ಣಚಂದ್ರ ತೇಜಸ್ವಿಯವರ ಜುಗಾರಿ ಕ್ರಾಸ್ ನಾಟಕ ಪ್ರದರ್ಶನ, ಸ್ಥಳ: ಕಲಾಮಂದಿರ, ಸಂಜೆ 7.
